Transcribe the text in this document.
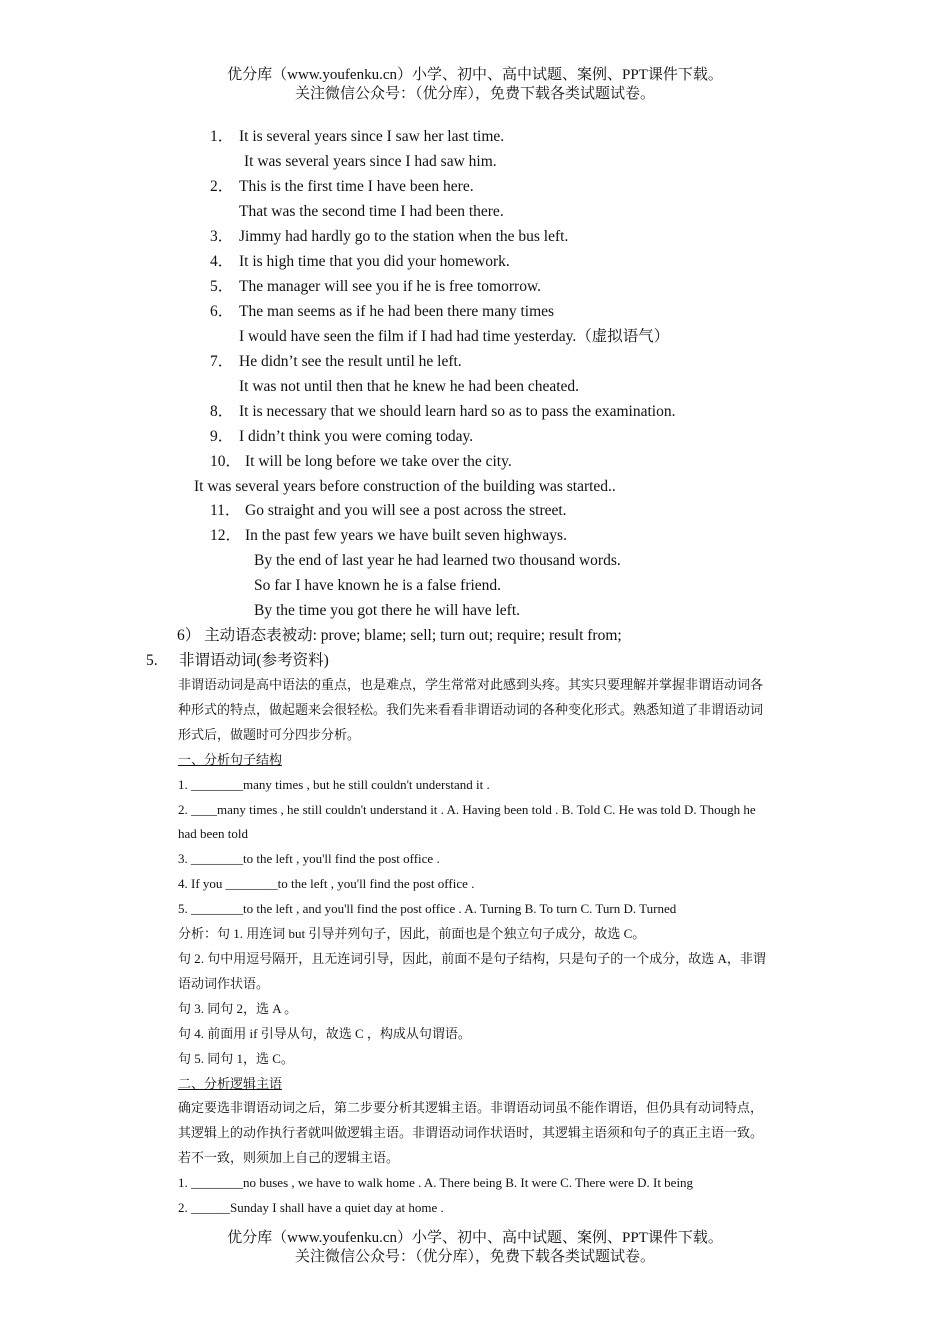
优分库（www.youfenku.cn）小学、初中、高中试题、案例、PPT课件下载。
关注微信公众号：（优分库），免费下载各类试题试卷。
1． It is several years since I saw her last time.
It was several years since I had saw him.
2． This is the first time I have been here.
That was the second time I had been there.
3． Jimmy had hardly go to the station when the bus left.
4． It is high time that you did your homework.
5． The manager will see you if he is free tomorrow.
6． The man seems as if he had been there many times
I would have seen the film if I had had time yesterday.（虚拟语气）
7． He didn’t see the result until he left.
It was not until then that he knew he had been cheated.
8． It is necessary that we should learn hard so as to pass the examination.
9． I didn’t think you were coming today.
10． It will be long before we take over the city.
It was several years before construction of the building was started..
11． Go straight and you will see a post across the street.
12． In the past few years we have built seven highways.
By the end of last year he had learned two thousand words.
So far I have known he is a false friend.
By the time you got there he will have left.
6） 主动语态表被动: prove; blame; sell; turn out; require; result from;
5. 非谓语动词(参考资料)
非谓语动词是高中语法的重点，也是难点，学生常常对此感到头疼。其实只要理解并掌握非谓语动词各
种形式的特点，做起题来会很轻松。我们先来看看非谓语动词的各种变化形式。熟悉知道了非谓语动词
形式后，做题时可分四步分析。
一、分析句子结构
1. ________many times , but he still couldn't understand it .
2. ____many times , he still couldn't understand it . A. Having been told . B. Told C. He was told D. Though he
had been told
3. ________to the left , you'll find the post office .
4. If you ________to the left , you'll find the post office .
5. ________to the left , and you'll find the post office . A. Turning B. To turn C. Turn D. Turned
分析：句 1. 用连词 but 引导并列句子，因此，前面也是个独立句子成分，故选 C。
句 2. 句中用逗号隔开，且无连词引导，因此，前面不是句子结构，只是句子的一个成分，故选 A，非谓
语动词作状语。
句 3. 同句 2，选 A 。
句 4. 前面用 if 引导从句，故选 C ，构成从句谓语。
句 5. 同句 1，选 C。
二、分析逻辑主语
确定要选非谓语动词之后，第二步要分析其逻辑主语。非谓语动词虽不能作谓语，但仍具有动词特点，
其逻辑上的动作执行者就叫做逻辑主语。非谓语动词作状语时，其逻辑主语须和句子的真正主语一致。
若不一致，则须加上自己的逻辑主语。
1. ________no buses , we have to walk home . A. There being B. It were C. There were D. It being
2. ______Sunday I shall have a quiet day at home .
优分库（www.youfenku.cn）小学、初中、高中试题、案例、PPT课件下载。
关注微信公众号：（优分库），免费下载各类试题试卷。
